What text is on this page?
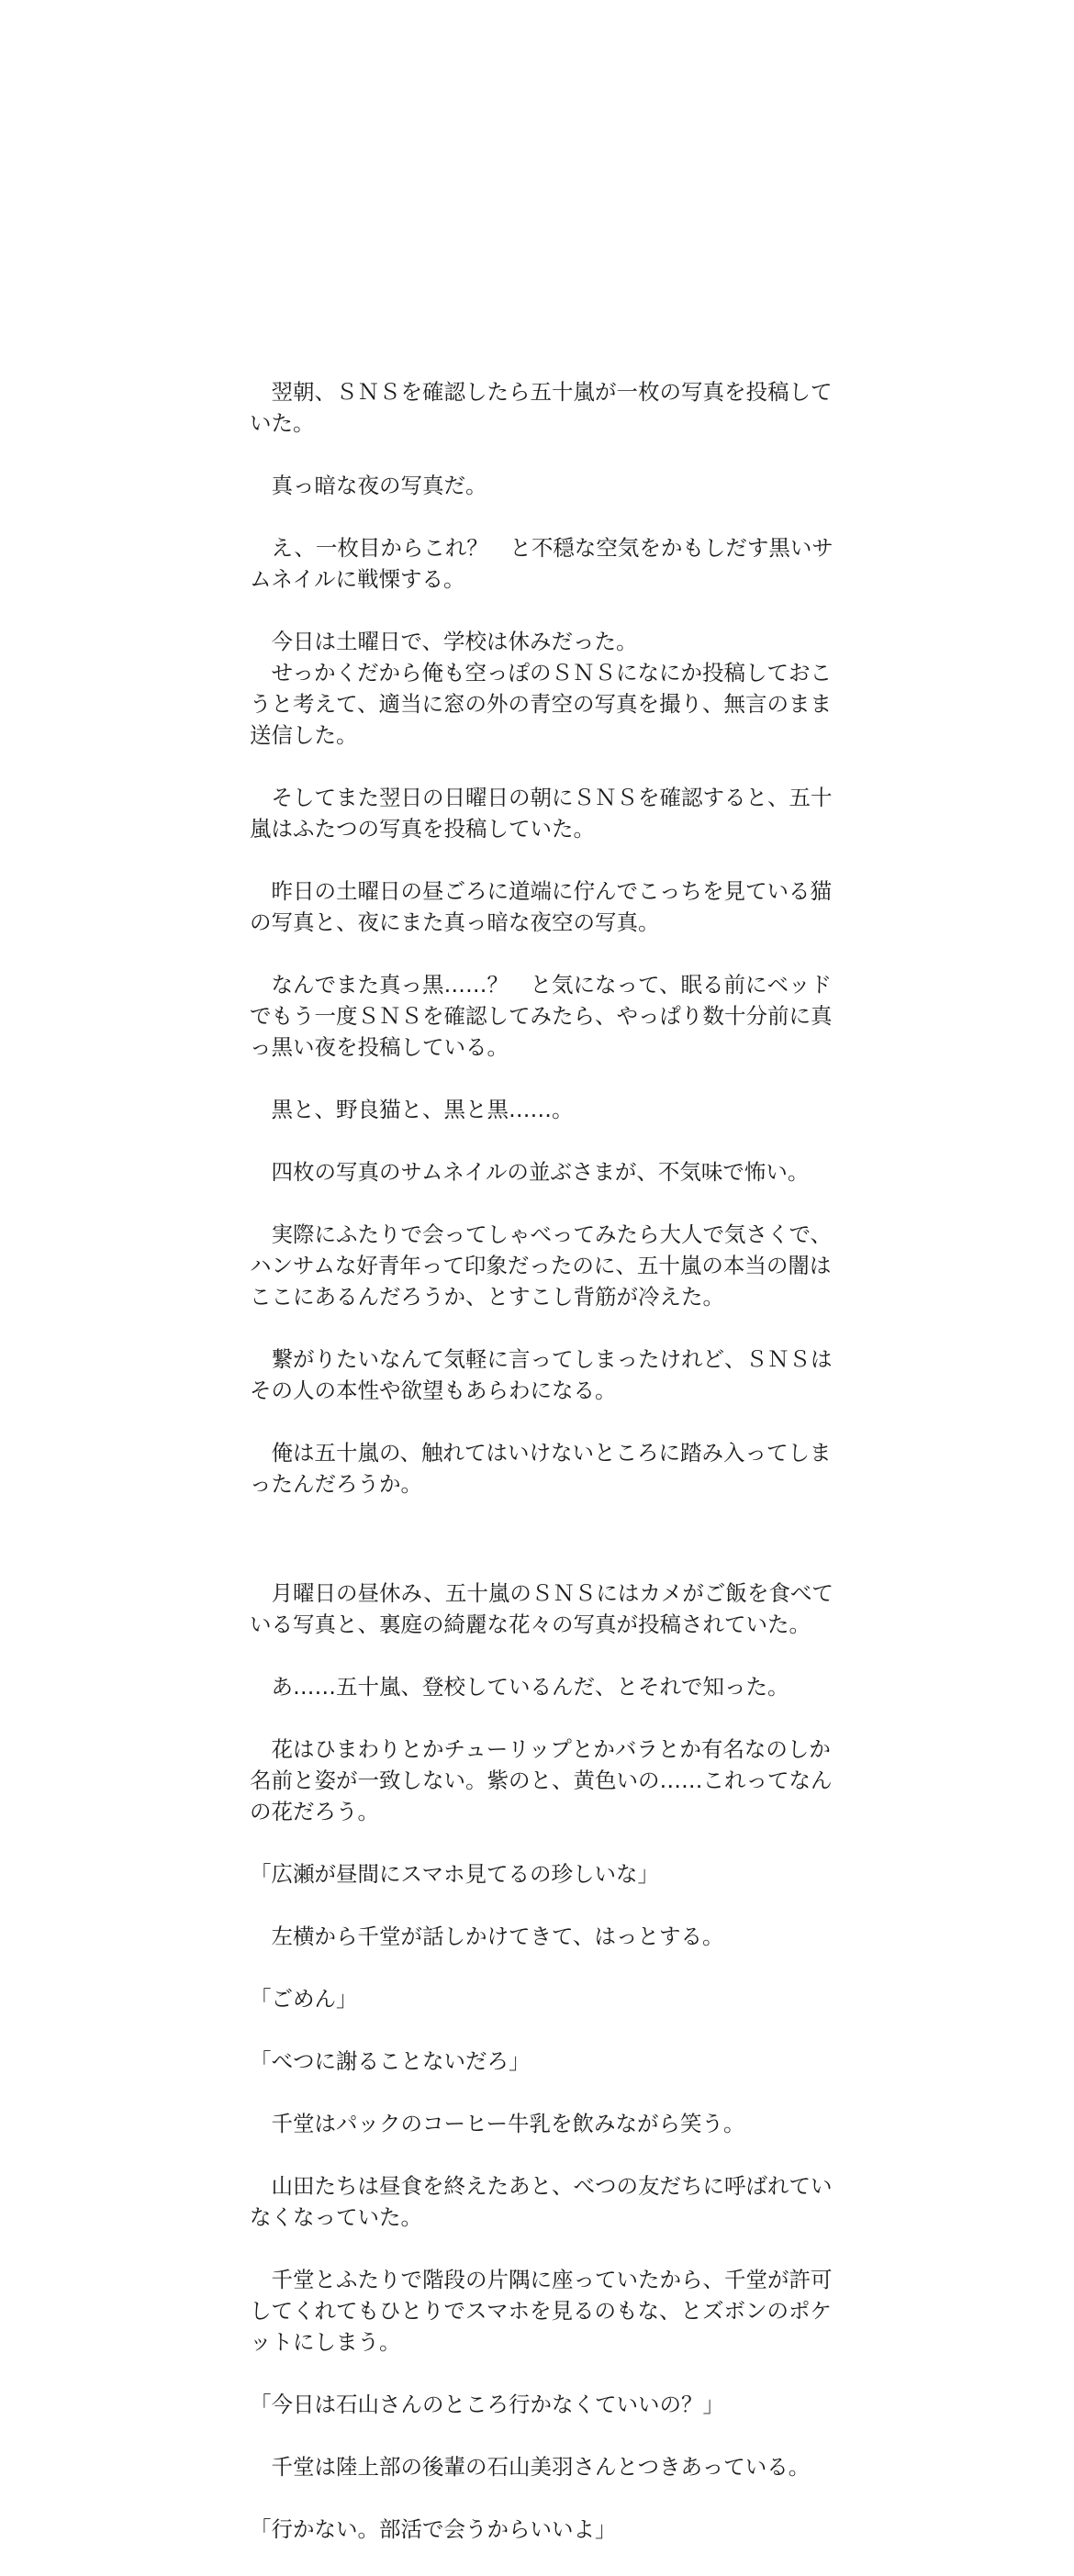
　翌朝、ＳＮＳを確認したら五十嵐が一枚の写真を投稿して
いた。

　真っ暗な夜の写真だ。

　え、一枚目からこれ？　と不穏な空気をかもしだす黒いサ
ムネイルに戦慄する。

　今日は土曜日で、学校は休みだった。
　せっかくだから俺も空っぽのＳＮＳになにか投稿しておこ
うと考えて、適当に窓の外の青空の写真を撮り、無言のまま
送信した。

　そしてまた翌日の日曜日の朝にＳＮＳを確認すると、五十
嵐はふたつの写真を投稿していた。

　昨日の土曜日の昼ごろに道端に佇んでこっちを見ている猫
の写真と、夜にまた真っ暗な夜空の写真。

　なんでまた真っ黒……？　と気になって、眠る前にベッド
でもう一度ＳＮＳを確認してみたら、やっぱり数十分前に真
っ黒い夜を投稿している。

　黒と、野良猫と、黒と黒……。

　四枚の写真のサムネイルの並ぶさまが、不気味で怖い。

　実際にふたりで会ってしゃべってみたら大人で気さくで、
ハンサムな好青年って印象だったのに、五十嵐の本当の闇は
ここにあるんだろうか、とすこし背筋が冷えた。

　繋がりたいなんて気軽に言ってしまったけれど、ＳＮＳは
その人の本性や欲望もあらわになる。

　俺は五十嵐の、触れてはいけないところに踏み入ってしま
ったんだろうか。

　月曜日の昼休み、五十嵐のＳＮＳにはカメがご飯を食べて
いる写真と、裏庭の綺麗な花々の写真が投稿されていた。

　あ……五十嵐、登校しているんだ、とそれで知った。

　花はひまわりとかチューリップとかバラとか有名なのしか
名前と姿が一致しない。紫のと、黄色いの……これってなん
の花だろう。

「広瀬が昼間にスマホ見てるの珍しいな」

　左横から千堂が話しかけてきて、はっとする。

「ごめん」

「べつに謝ることないだろ」

　千堂はパックのコーヒー牛乳を飲みながら笑う。

　山田たちは昼食を終えたあと、べつの友だちに呼ばれてい
なくなっていた。

　千堂とふたりで階段の片隅に座っていたから、千堂が許可
してくれてもひとりでスマホを見るのもな、とズボンのポケ
ットにしまう。

「今日は石山さんのところ行かなくていいの？」

　千堂は陸上部の後輩の石山美羽さんとつきあっている。

「行かない。部活で会うからいいよ」
